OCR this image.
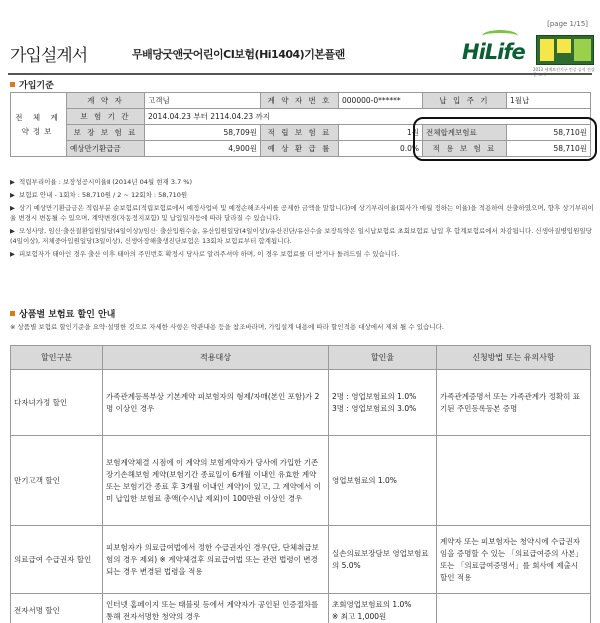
[page 1/15]
가입설계서	무배당굿앤굿어린이CI보험(Hi1404)기본플랜	HiLife
2013 세계보건기구 인증 공식 건강
가입기준
전 체 계약정보	계 약 자	고객님	계 약 자 번 호	000000-0******	납 입 주 기	1월납
	보 험 기 간	2014.04.23 부터 2114.04.23 까지				
	보 장 보 험 료	58,709원	적 립 보 험 료	1원	전체합계보험료	58,710원
	예상만기환급금	4,900원	예 상 환 급 률	0.0%	적 용 보 험 료	58,710원
▶ 적립부리이율 : 보장성공시이율Ⅱ (2014년 04월 현재 3.7 %)
▶ 보험료 안내 - 1회차 : 58,710원 / 2 ~ 12회차 : 58,710원
▶ 상기 예상만기환급금은 적립부분 순보험료(적립보험료에서 예정사업비 및 예정손해조사비를 공제한 금액을 말합니다)에 상기부리이율(회사가 매월 정하는 이율)을 적용하여 산출하였으며, 향후 상기부리이율 변경시 변동될 수 있으며, 계약변경(자동정지포함) 및 납입일자등에 따라 달라질 수 있습니다.
▶ 모성사망, 임신·출산질환입원일당(4일이상)/임신· 출산입원수술, 유산입원일당(4일이상)/유산진단/유산수술 보장특약은 일시납보험료 초회보험료 납입 후 합계보험료에서 차감됩니다. 신생아질병입원일당(4일이상), 저체중아입원일당(3일이상), 신생아장해출생진단보험은 13회차 보험료부터 합계됩니다.
▶ 피보험자가 태아인 경우 출산 이후 태아의 주민번호 확정시 당사로 알려주셔야 하며, 이 경우 보험료를 더 받거나 돌려드릴 수 있습니다.
상품별 보험료 할인 안내
※ 상품별 보험료 할인기준을 요약·설명한 것으로 자세한 사항은 약관내용 등을 참조바라며, 가입설계 내용에 따라 할인적용 대상에서 제외 될 수 있습니다.
할인구분	적용대상	할인율	신청방법 또는 유의사항
다자녀가정 할인	가족관계등록부상 기본계약 피보험자의 형제/자매(본인 포함)가 2명 이상인 경우	2명 : 영업보험료의 1.0%
3명 : 영업보험료의 3.0%	가족관계증명서 또는 가족관계가 정확히 표기된 주민등록등본 증명
만기고객 할인	보험계약체결 시점에 이 계약의 보험계약자가 당사에 가입한 기존 장기손해보험 계약(보험기간 종료일이 6개월 이내인 유효한 계약 또는 보험기간 종료 후 3개월 이내인 계약)이 있고, 그 계약에서 이미 납입한 보험료 총액(수시납 제외)이 100만원 이상인 경우	영업보험료의 1.0%	
의료급여 수급권자 할인	피보험자가 의료급여법에서 정한 수급권자인 경우(단, 단체취급보험의 경우 제외) ※ 계약체결후 의료급여법 또는 관련 법령이 변경되는 경우 변경된 법령을 적용	실손의료보장담보 영업보험료의 5.0%	계약자 또는 피보험자는 청약시에 수급권자 임을 증명할 수 있는 「의료급여증의 사본」 또는 「의료급여증명서」를 회사에 제출시 할인 적용
전자서명 할인	인터넷 홈페이지 또는 태블릿 등에서 계약자가 공인된 인증절차를 통해 전자서명한 청약의 경우	초회영업보험료의 1.0%
※ 최고 1,000원	
